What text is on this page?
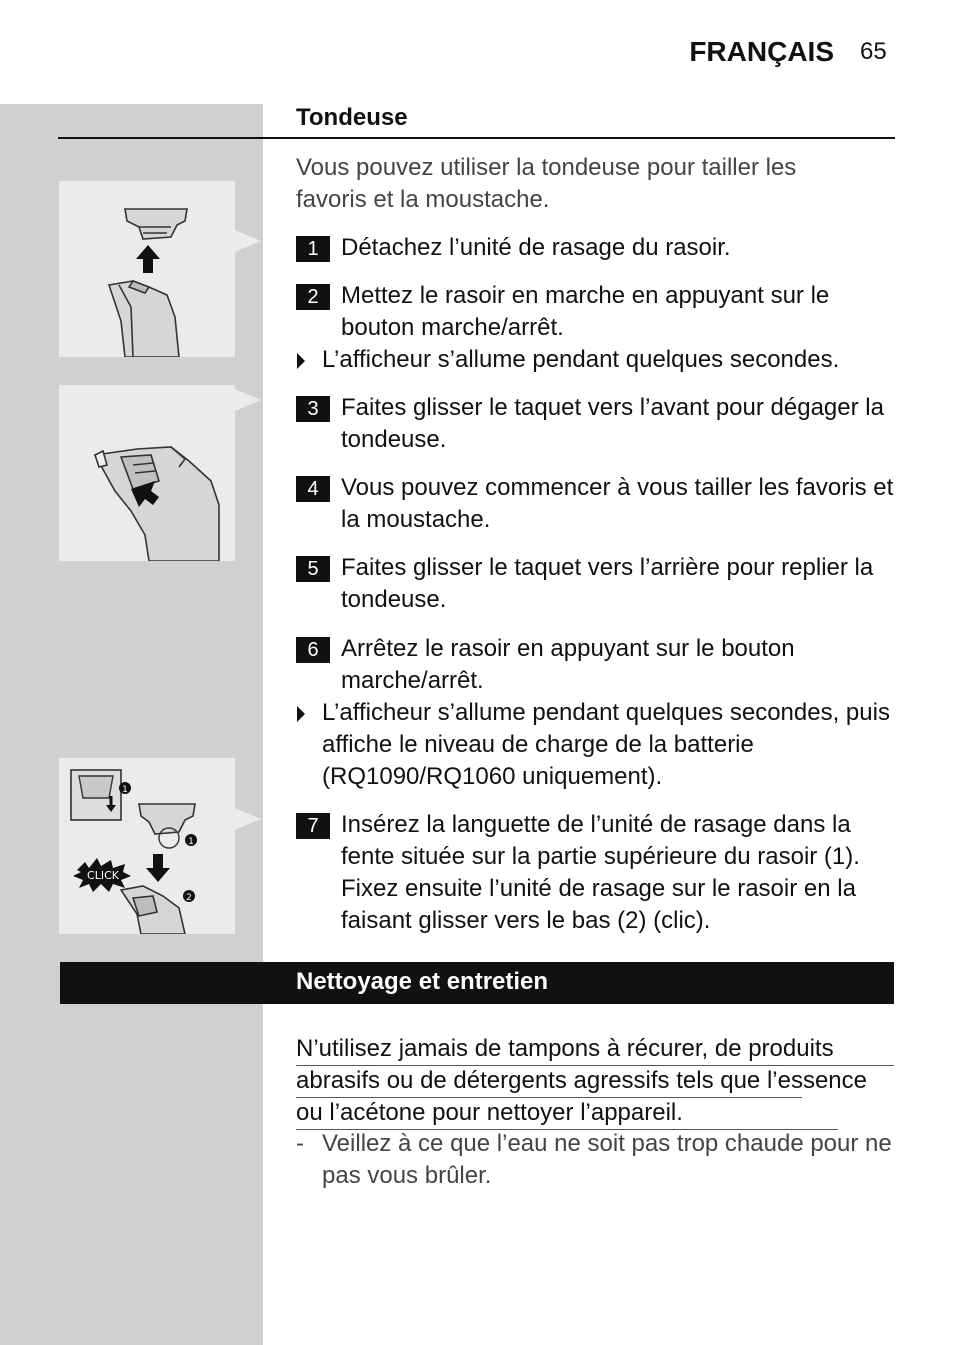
FRANÇAIS 65
Tondeuse
Vous pouvez utiliser la tondeuse pour tailler les favoris et la moustache.
1
1
CLICK
2
1 Détachez l’unité de rasage du rasoir.
2 Mettez le rasoir en marche en appuyant sur le bouton marche/arrêt.
L’afficheur s’allume pendant quelques secondes.
3 Faites glisser le taquet vers l’avant pour dégager la tondeuse.
4 Vous pouvez commencer à vous tailler les favoris et la moustache.
5 Faites glisser le taquet vers l’arrière pour replier la tondeuse.
6 Arrêtez le rasoir en appuyant sur le bouton marche/arrêt.
L’afficheur s’allume pendant quelques secondes, puis affiche le niveau de charge de la batterie (RQ1090/RQ1060 uniquement).
7 Insérez la languette de l’unité de rasage dans la fente située sur la partie supérieure du rasoir (1). Fixez ensuite l’unité de rasage sur le rasoir en la faisant glisser vers le bas (2) (clic).
Nettoyage et entretien
N’utilisez jamais de tampons à récurer, de produits abrasifs ou de détergents agressifs tels que l’essence ou l’acétone pour nettoyer l’appareil.
- Veillez à ce que l’eau ne soit pas trop chaude pour ne pas vous brûler.
